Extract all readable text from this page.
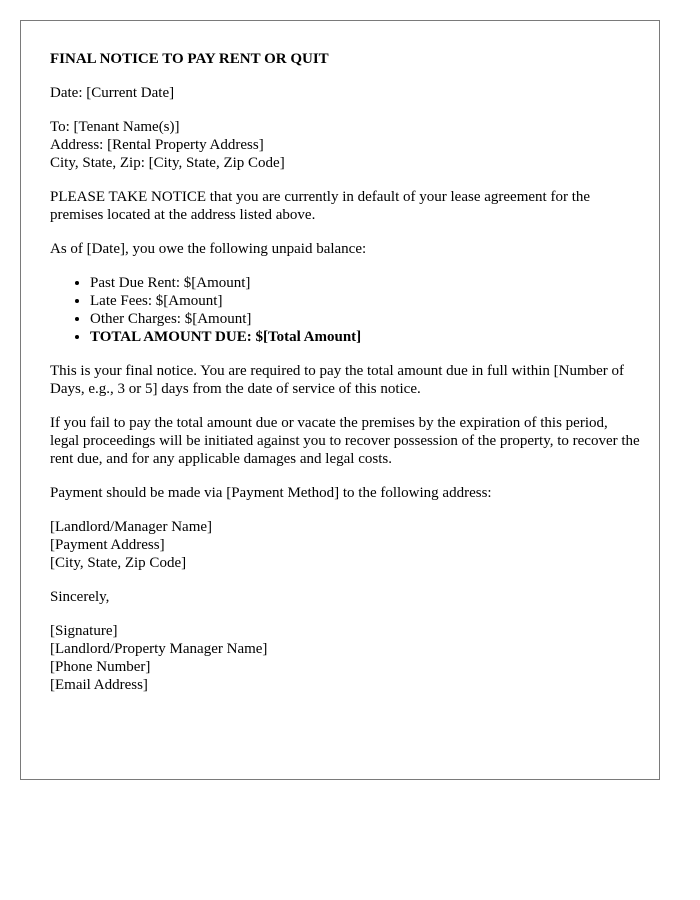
FINAL NOTICE TO PAY RENT OR QUIT

Date: [Current Date]

To: [Tenant Name(s)]
Address: [Rental Property Address]
City, State, Zip: [City, State, Zip Code]

PLEASE TAKE NOTICE that you are currently in default of your lease agreement for the premises located at the address listed above.

As of [Date], you owe the following unpaid balance:

• Past Due Rent: $[Amount]
• Late Fees: $[Amount]
• Other Charges: $[Amount]
• TOTAL AMOUNT DUE: $[Total Amount]

This is your final notice. You are required to pay the total amount due in full within [Number of Days, e.g., 3 or 5] days from the date of service of this notice.

If you fail to pay the total amount due or vacate the premises by the expiration of this period, legal proceedings will be initiated against you to recover possession of the property, to recover the rent due, and for any applicable damages and legal costs.

Payment should be made via [Payment Method] to the following address:

[Landlord/Manager Name]
[Payment Address]
[City, State, Zip Code]

Sincerely,

[Signature]
[Landlord/Property Manager Name]
[Phone Number]
[Email Address]
